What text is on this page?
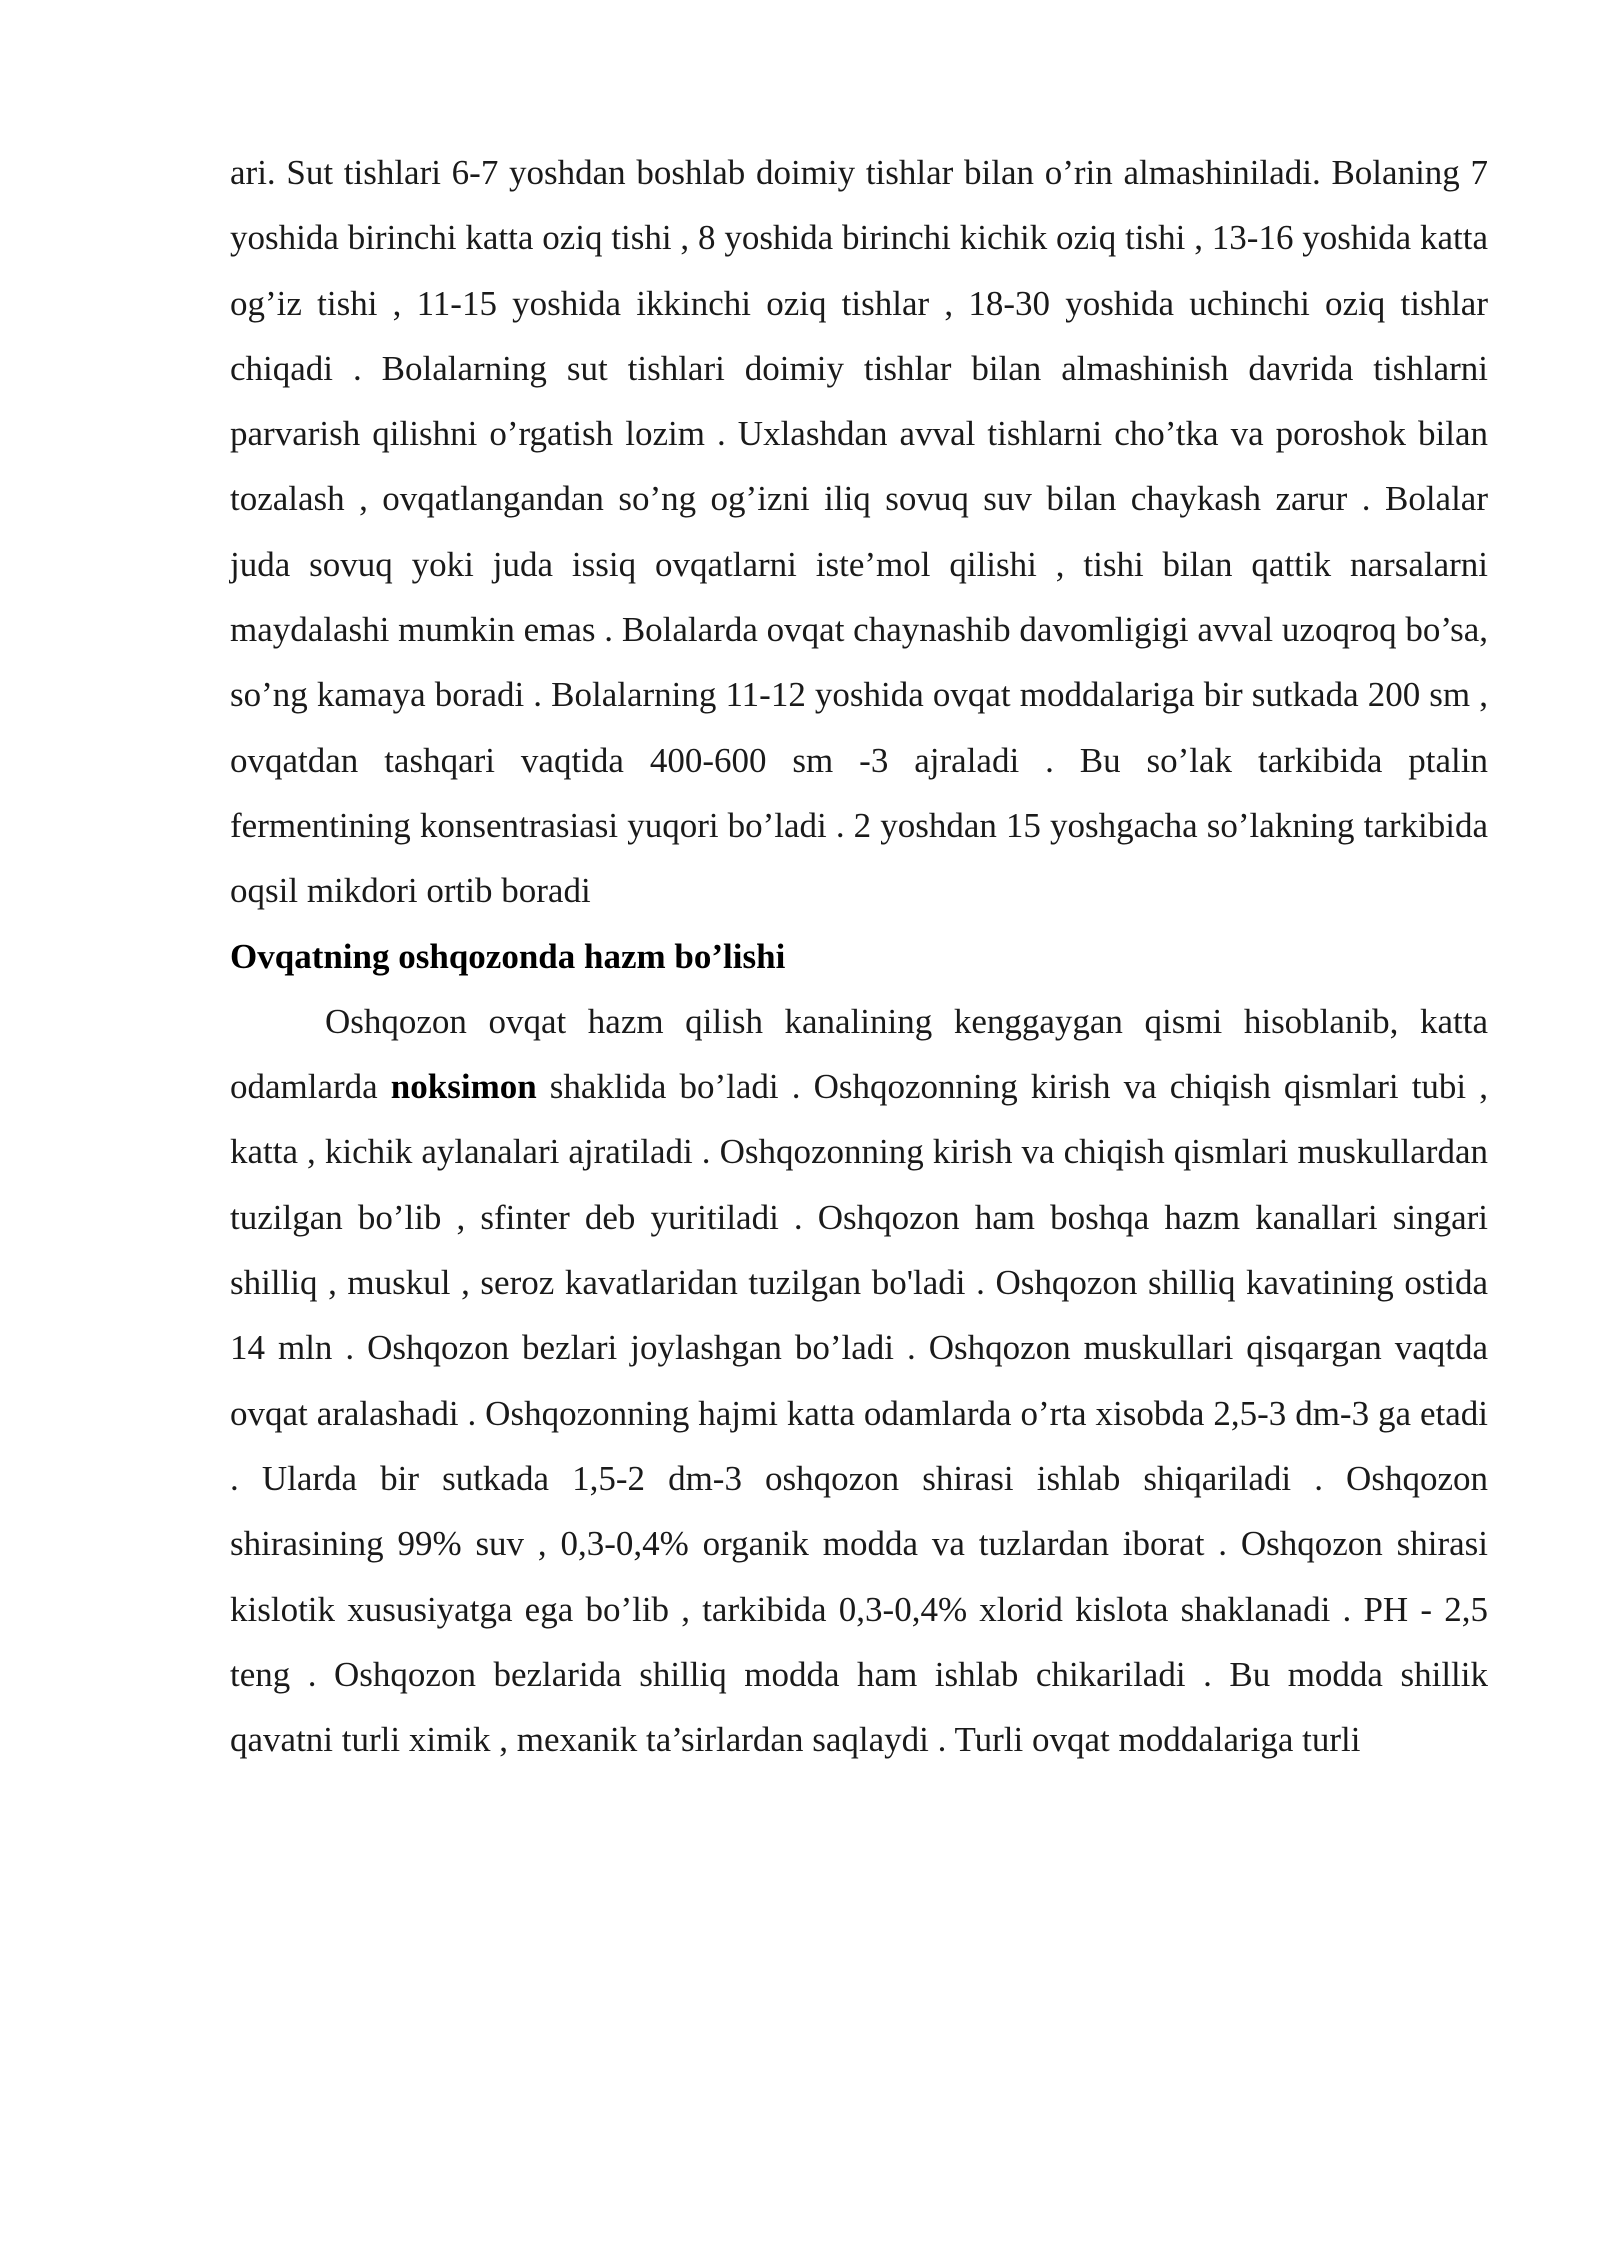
ari. Sut tishlari 6-7 yoshdan boshlab doimiy tishlar bilan o’rin almashiniladi. Bolaning 7 yoshida birinchi katta oziq tishi , 8 yoshida birinchi kichik oziq tishi , 13-16 yoshida katta og’iz tishi , 11-15 yoshida ikkinchi oziq tishlar , 18-30 yoshida uchinchi oziq tishlar chiqadi . Bolalarning sut tishlari doimiy tishlar bilan almashinish davrida tishlarni parvarish qilishni o’rgatish lozim . Uxlashdan avval tishlarni cho’tka va poroshok bilan tozalash , ovqatlangandan so’ng og’izni iliq sovuq suv bilan chaykash zarur . Bolalar juda sovuq yoki juda issiq ovqatlarni iste’mol qilishi , tishi bilan qattik narsalarni maydalashi mumkin emas . Bolalarda ovqat chaynashib davomligigi avval uzoqroq bo’sa, so’ng kamaya boradi . Bolalarning 11-12 yoshida ovqat moddalariga bir sutkada 200 sm , ovqatdan tashqari vaqtida 400-600 sm -3 ajraladi . Bu so’lak tarkibida ptalin fermentining konsentrasiasi yuqori bo’ladi . 2 yoshdan 15 yoshgacha so’lakning tarkibida oqsil mikdori ortib boradi

Ovqatning oshqozonda hazm bo’lishi

Oshqozon ovqat hazm qilish kanalining kenggaygan qismi hisoblanib, katta odamlarda noksimon shaklida bo’ladi . Oshqozonning kirish va chiqish qismlari tubi , katta , kichik aylanalari ajratiladi . Oshqozonning kirish va chiqish qismlari muskullardan tuzilgan bo’lib , sfinter deb yuritiladi . Oshqozon ham boshqa hazm kanallari singari shilliq , muskul , seroz kavatlaridan tuzilgan bo'ladi . Oshqozon shilliq kavatining ostida 14 mln . Oshqozon bezlari joylashgan bo’ladi . Oshqozon muskullari qisqargan vaqtda ovqat aralashadi . Oshqozonning hajmi katta odamlarda o’rta xisobda 2,5-3 dm-3 ga etadi . Ularda bir sutkada 1,5-2 dm-3 oshqozon shirasi ishlab shiqariladi . Oshqozon shirasining 99% suv , 0,3-0,4% organik modda va tuzlardan iborat . Oshqozon shirasi kislotik xususiyatga ega bo’lib , tarkibida 0,3-0,4% xlorid kislota shaklanadi . PH - 2,5 teng . Oshqozon bezlarida shilliq modda ham ishlab chikariladi . Bu modda shillik qavatni turli ximik , mexanik ta’sirlardan saqlaydi . Turli ovqat moddalariga turli
